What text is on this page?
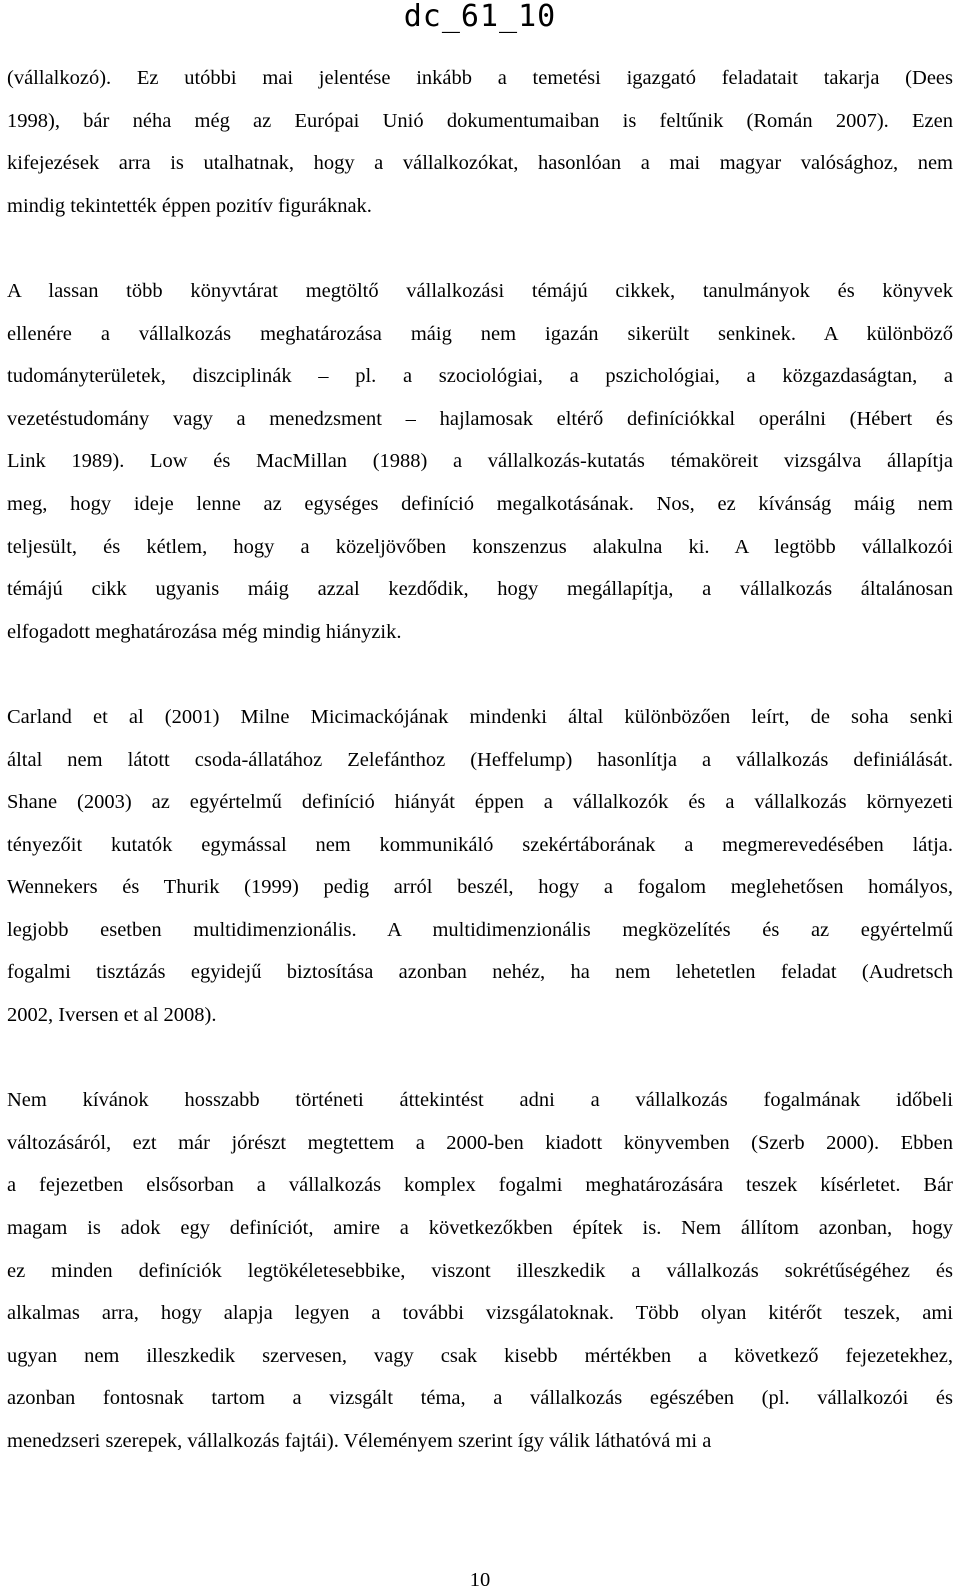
dc_61_10

(vállalkozó). Ez utóbbi mai jelentése inkább a temetési igazgató feladatait takarja (Dees
1998), bár néha még az Európai Unió dokumentumaiban is feltűnik (Román 2007). Ezen
kifejezések arra is utalhatnak, hogy a vállalkozókat, hasonlóan a mai magyar valósághoz, nem
mindig tekintették éppen pozitív figuráknak.

A lassan több könyvtárat megtöltő vállalkozási témájú cikkek, tanulmányok és könyvek
ellenére a vállalkozás meghatározása máig nem igazán sikerült senkinek. A különböző
tudományterületek, diszciplinák – pl. a szociológiai, a pszichológiai, a közgazdaságtan, a
vezetéstudomány vagy a menedzsment – hajlamosak eltérő definíciókkal operálni (Hébert és
Link 1989). Low és MacMillan (1988) a vállalkozás-kutatás témaköreit vizsgálva állapítja
meg, hogy ideje lenne az egységes definíció megalkotásának. Nos, ez kívánság máig nem
teljesült, és kétlem, hogy a közeljövőben konszenzus alakulna ki. A legtöbb vállalkozói
témájú cikk ugyanis máig azzal kezdődik, hogy megállapítja, a vállalkozás általánosan
elfogadott meghatározása még mindig hiányzik.

Carland et al (2001) Milne Micimackójának mindenki által különbözően leírt, de soha senki
által nem látott csoda-állatához Zelefánthoz (Heffelump) hasonlítja a vállalkozás definiálását.
Shane (2003) az egyértelmű definíció hiányát éppen a vállalkozók és a vállalkozás környezeti
tényezőit kutatók egymással nem kommunikáló szekértáborának a megmerevedésében látja.
Wennekers és Thurik (1999) pedig arról beszél, hogy a fogalom meglehetősen homályos,
legjobb esetben multidimenzionális. A multidimenzionális megközelítés és az egyértelmű
fogalmi tisztázás egyidejű biztosítása azonban nehéz, ha nem lehetetlen feladat (Audretsch
2002, Iversen et al 2008).

Nem kívánok hosszabb történeti áttekintést adni a vállalkozás fogalmának időbeli
változásáról, ezt már jórészt megtettem a 2000-ben kiadott könyvemben (Szerb 2000). Ebben
a fejezetben elsősorban a vállalkozás komplex fogalmi meghatározására teszek kísérletet. Bár
magam is adok egy definíciót, amire a következőkben építek is. Nem állítom azonban, hogy
ez minden definíciók legtökéletesebbike, viszont illeszkedik a vállalkozás sokrétűségéhez és
alkalmas arra, hogy alapja legyen a további vizsgálatoknak. Több olyan kitérőt teszek, ami
ugyan nem illeszkedik szervesen, vagy csak kisebb mértékben a következő fejezetekhez,
azonban fontosnak tartom a vizsgált téma, a vállalkozás egészében (pl. vállalkozói és
menedzseri szerepek, vállalkozás fajtái). Véleményem szerint így válik láthatóvá mi a

10
